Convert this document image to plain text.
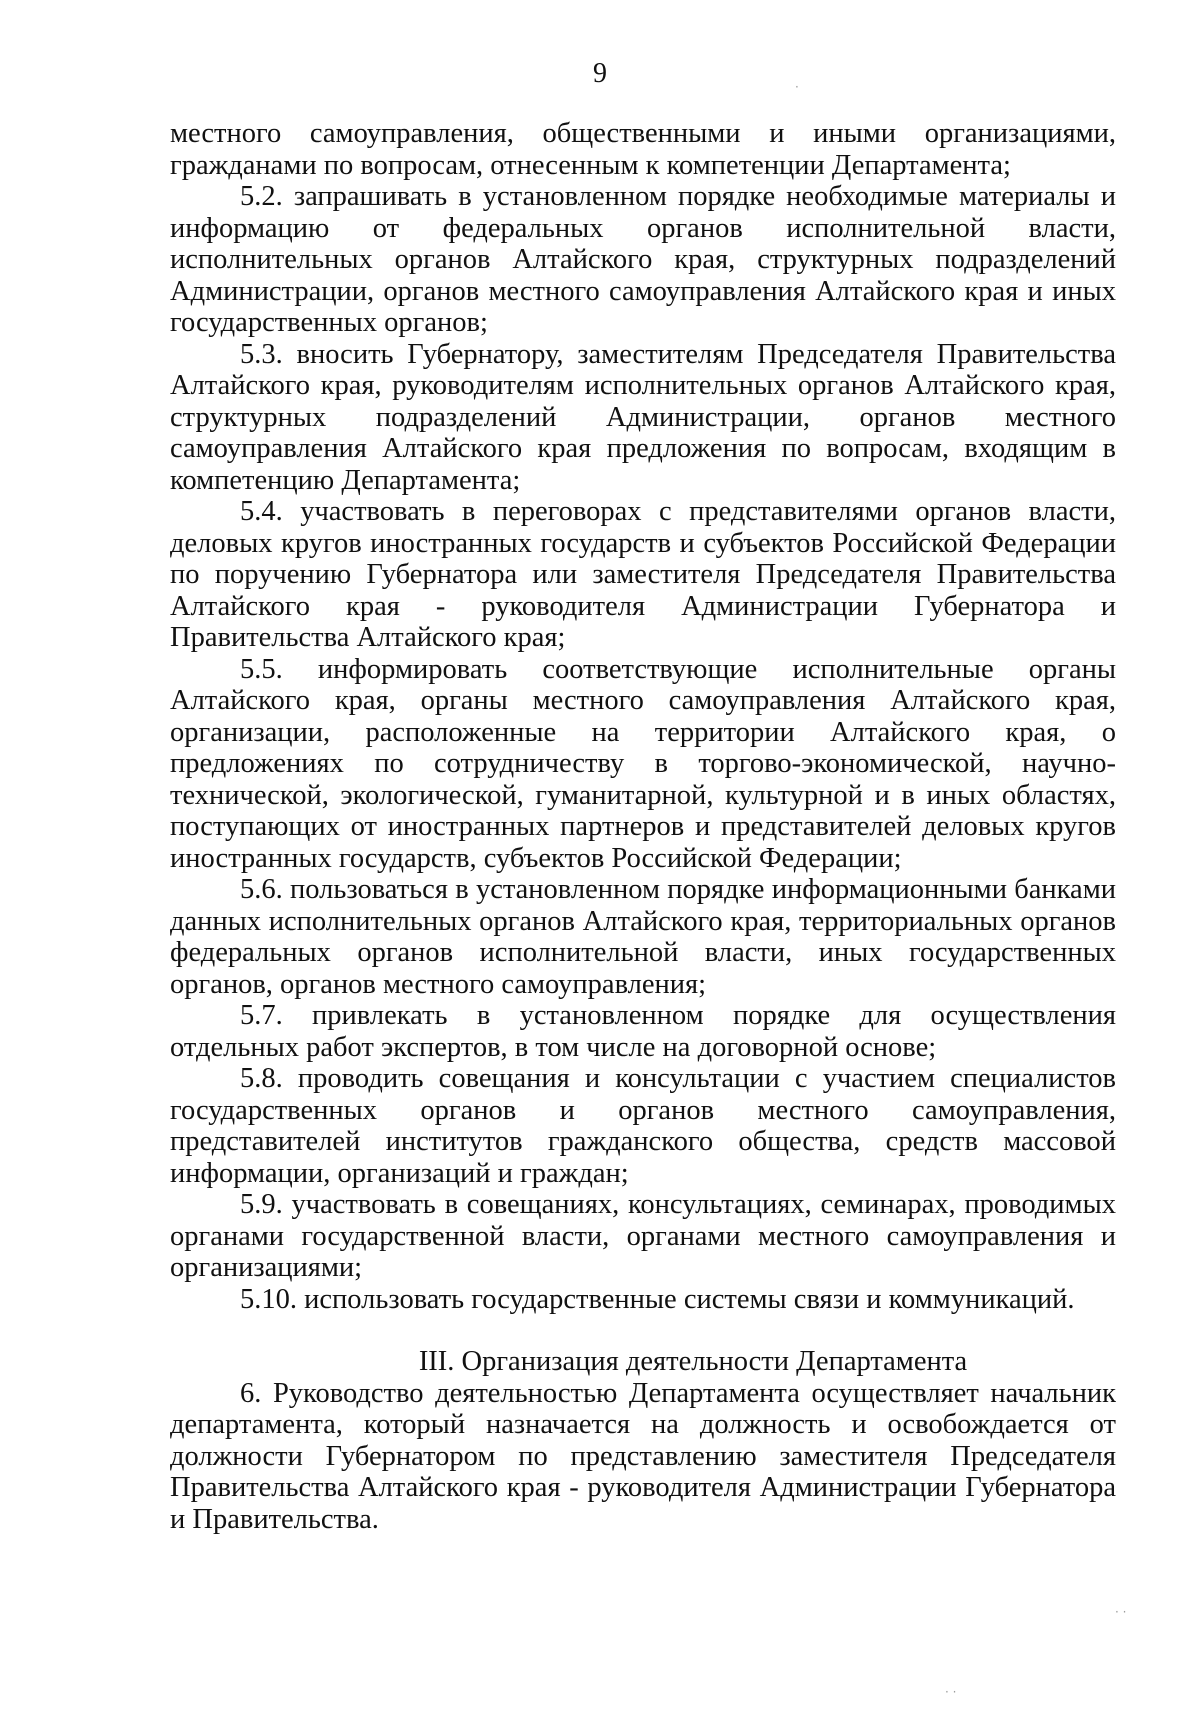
9

местного самоуправления, общественными и иными организациями, гражданами по вопросам, отнесенным к компетенции Департамента;

5.2. запрашивать в установленном порядке необходимые материалы и информацию от федеральных органов исполнительной власти, исполнительных органов Алтайского края, структурных подразделений Администрации, органов местного самоуправления Алтайского края и иных государственных органов;

5.3. вносить Губернатору, заместителям Председателя Правительства Алтайского края, руководителям исполнительных органов Алтайского края, структурных подразделений Администрации, органов местного самоуправления Алтайского края предложения по вопросам, входящим в компетенцию Департамента;

5.4. участвовать в переговорах с представителями органов власти, деловых кругов иностранных государств и субъектов Российской Федерации по поручению Губернатора или заместителя Председателя Правительства Алтайского края - руководителя Администрации Губернатора и Правительства Алтайского края;

5.5. информировать соответствующие исполнительные органы Алтайского края, органы местного самоуправления Алтайского края, организации, расположенные на территории Алтайского края, о предложениях по сотрудничеству в торгово-экономической, научно-технической, экологической, гуманитарной, культурной и в иных областях, поступающих от иностранных партнеров и представителей деловых кругов иностранных государств, субъектов Российской Федерации;

5.6. пользоваться в установленном порядке информационными банками данных исполнительных органов Алтайского края, территориальных органов федеральных органов исполнительной власти, иных государственных органов, органов местного самоуправления;

5.7. привлекать в установленном порядке для осуществления отдельных работ экспертов, в том числе на договорной основе;

5.8. проводить совещания и консультации с участием специалистов государственных органов и органов местного самоуправления, представителей институтов гражданского общества, средств массовой информации, организаций и граждан;

5.9. участвовать в совещаниях, консультациях, семинарах, проводимых органами государственной власти, органами местного самоуправления и организациями;

5.10. использовать государственные системы связи и коммуникаций.

III. Организация деятельности Департамента

6. Руководство деятельностью Департамента осуществляет начальник департамента, который назначается на должность и освобождается от должности Губернатором по представлению заместителя Председателя Правительства Алтайского края - руководителя Администрации Губернатора и Правительства.

·
· ·
· ·
